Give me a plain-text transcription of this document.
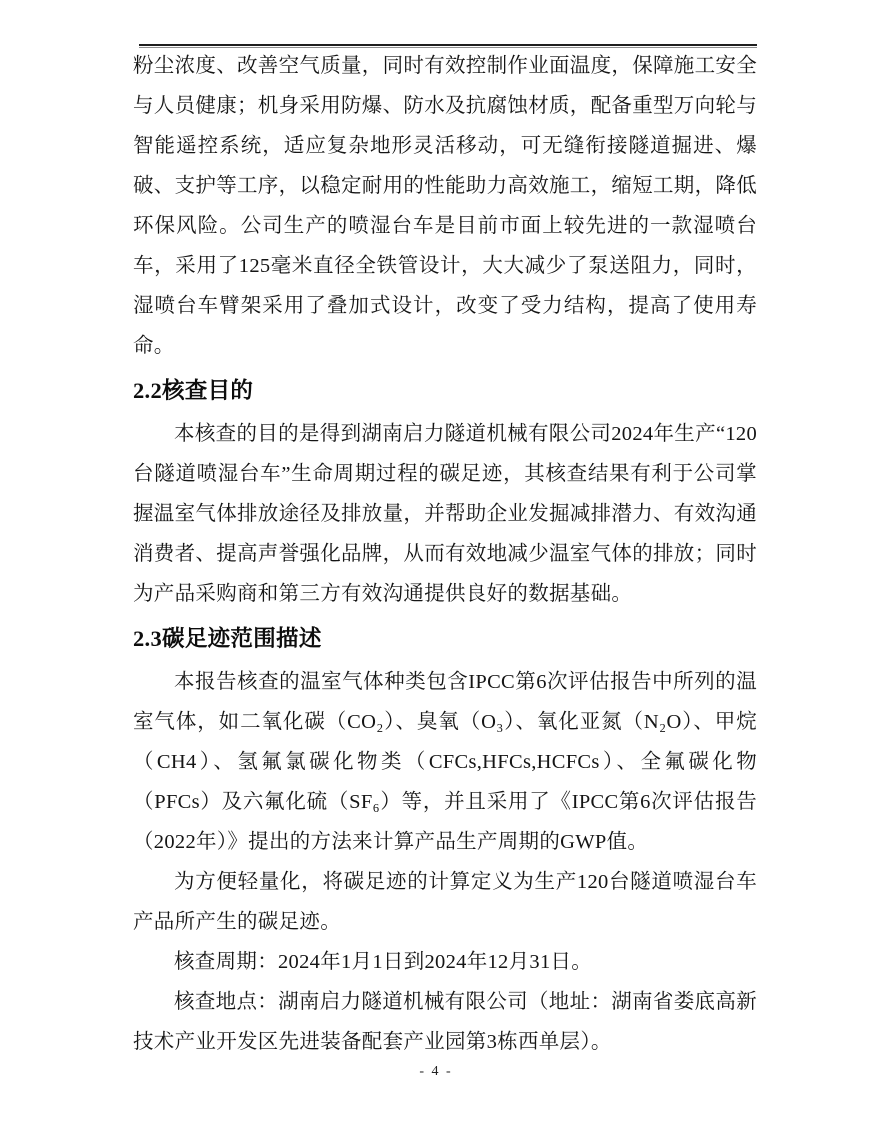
粉尘浓度、改善空气质量，同时有效控制作业面温度，保障施工安全与人员健康；机身采用防爆、防水及抗腐蚀材质，配备重型万向轮与智能遥控系统，适应复杂地形灵活移动，可无缝衔接隧道掘进、爆破、支护等工序，以稳定耐用的性能助力高效施工，缩短工期，降低环保风险。公司生产的喷湿台车是目前市面上较先进的一款湿喷台车，采用了125毫米直径全铁管设计，大大减少了泵送阻力，同时，湿喷台车臂架采用了叠加式设计，改变了受力结构，提高了使用寿命。

2.2核查目的

本核查的目的是得到湖南启力隧道机械有限公司2024年生产“120台隧道喷湿台车”生命周期过程的碳足迹，其核查结果有利于公司掌握温室气体排放途径及排放量，并帮助企业发掘减排潜力、有效沟通消费者、提高声誉强化品牌，从而有效地减少温室气体的排放；同时为产品采购商和第三方有效沟通提供良好的数据基础。

2.3碳足迹范围描述

本报告核查的温室气体种类包含IPCC第6次评估报告中所列的温室气体，如二氧化碳（CO₂）、臭氧（O₃）、氧化亚氮（N₂O）、甲烷（CH4）、氢氟氯碳化物类（CFCs,HFCs,HCFCs）、全氟碳化物（PFCs）及六氟化硫（SF₆）等，并且采用了《IPCC第6次评估报告（2022年）》提出的方法来计算产品生产周期的GWP值。

为方便轻量化，将碳足迹的计算定义为生产120台隧道喷湿台车产品所产生的碳足迹。

核查周期：2024年1月1日到2024年12月31日。

核查地点：湖南启力隧道机械有限公司（地址：湖南省娄底高新技术产业开发区先进装备配套产业园第3栋西单层）。

- 4 -
